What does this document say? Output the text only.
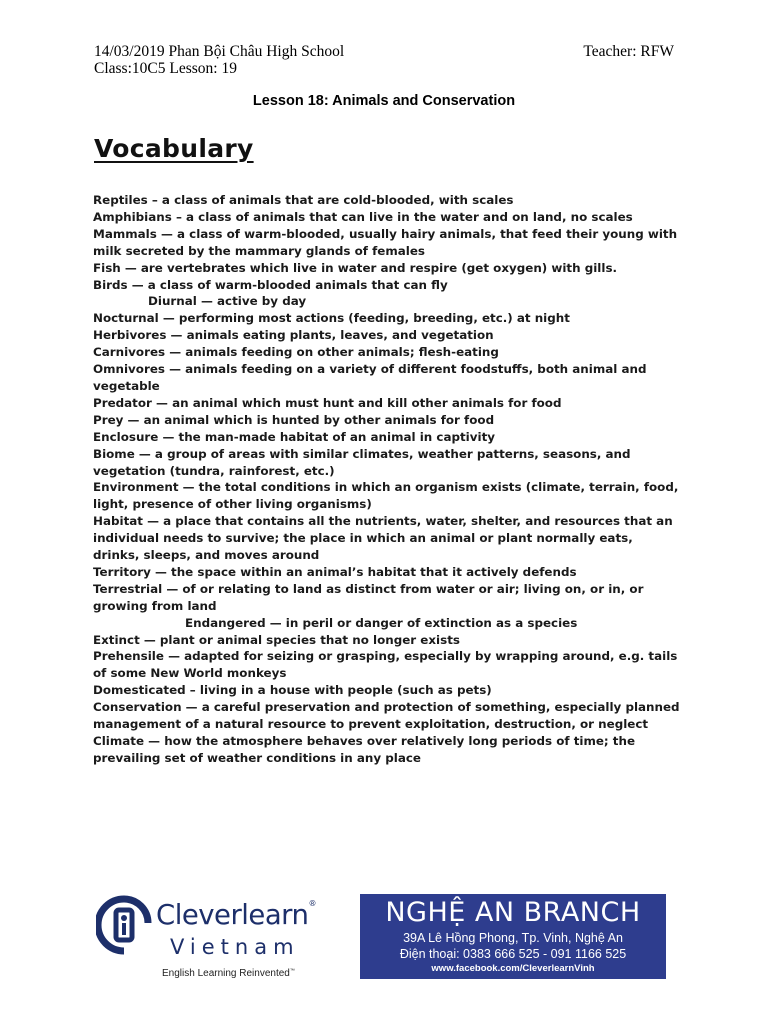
14/03/2019 Phan Bội Châu High School	Teacher: RFW
Class:10C5 Lesson: 19
Lesson 18: Animals and Conservation
Vocabulary

Reptiles – a class of animals that are cold-blooded, with scales

Amphibians – a class of animals that can live in the water and on land, no scales

Mammals — a class of warm-blooded, usually hairy animals, that feed their young with milk secreted by the mammary glands of females

Fish — are vertebrates which live in water and respire (get oxygen) with gills.

Birds — a class of warm-blooded animals that can fly

Diurnal — active by day

Nocturnal — performing most actions (feeding, breeding, etc.) at night

Herbivores — animals eating plants, leaves, and vegetation

Carnivores — animals feeding on other animals; flesh-eating

Omnivores — animals feeding on a variety of different foodstuffs, both animal and vegetable

Predator — an animal which must hunt and kill other animals for food

Prey — an animal which is hunted by other animals for food

Enclosure — the man-made habitat of an animal in captivity

Biome — a group of areas with similar climates, weather patterns, seasons, and vegetation (tundra, rainforest, etc.)

Environment — the total conditions in which an organism exists (climate, terrain, food, light, presence of other living organisms)

Habitat — a place that contains all the nutrients, water, shelter, and resources that an individual needs to survive; the place in which an animal or plant normally eats, drinks, sleeps, and moves around

Territory — the space within an animal’s habitat that it actively defends

Terrestrial — of or relating to land as distinct from water or air; living on, or in, or growing from land

Endangered — in peril or danger of extinction as a species

Extinct — plant or animal species that no longer exists

Prehensile — adapted for seizing or grasping, especially by wrapping around, e.g. tails of some New World monkeys

Domesticated – living in a house with people (such as pets)

Conservation — a careful preservation and protection of something, especially planned management of a natural resource to prevent exploitation, destruction, or neglect Climate — how the atmosphere behaves over relatively long periods of time; the prevailing set of weather conditions in any place

Cleverlearn®
Vietnam
English Learning Reinvented™
NGHỆ AN BRANCH
39A Lê Hồng Phong, Tp. Vinh, Nghệ An
Điện thoại: 0383 666 525 - 091 1166 525
www.facebook.com/CleverlearnVinh
